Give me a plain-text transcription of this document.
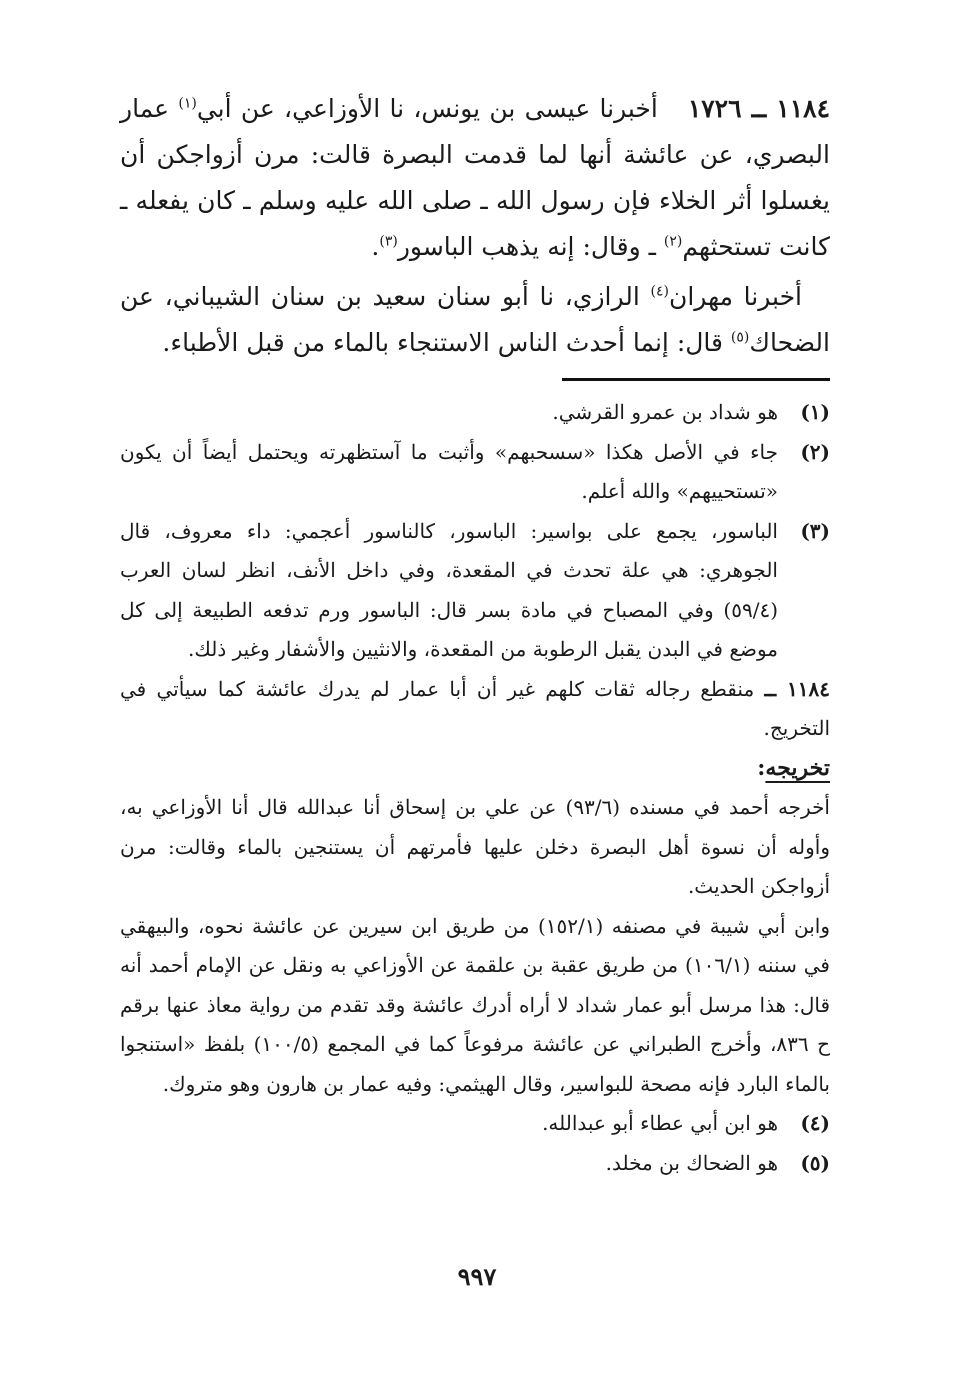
١١٨٤ ــ ١٧٢٦أخبرنا عيسى بن يونس، نا الأوزاعي، عن أبي$^{(١)}$ عمار البصري، عن عائشة أنها لما قدمت البصرة قالت: مرن أزواجكن أن يغسلوا أثر الخلاء فإن رسول الله ـ صلى الله عليه وسلم ـ كان يفعله ـ كانت تستحثهم$^{(٢)}$ ـ وقال: إنه يذهب الباسور$^{(٣)}$.

أخبرنا مهران$^{(٤)}$ الرازي، نا أبو سنان سعيد بن سنان الشيباني، عن الضحاك$^{(٥)}$ قال: إنما أحدث الناس الاستنجاء بالماء من قبل الأطباء.

(١)
هو شداد بن عمرو القرشي.
(٢)
جاء في الأصل هكذا «سسحبهم» وأثبت ما آستظهرته ويحتمل أيضاً أن يكون «تستحييهم» والله أعلم.
(٣)
الباسور، يجمع على بواسير: الباسور، كالناسور أعجمي: داء معروف، قال الجوهري: هي علة تحدث في المقعدة، وفي داخل الأنف، انظر لسان العرب (٥٩/٤) وفي المصباح في مادة بسر قال: الباسور ورم تدفعه الطبيعة إلى كل موضع في البدن يقبل الرطوبة من المقعدة، والانثيين والأشفار وغير ذلك.
١١٨٤ ــ منقطع رجاله ثقات كلهم غير أن أبا عمار لم يدرك عائشة كما سيأتي في التخريج.
تخريجه:

أخرجه أحمد في مسنده (٩٣/٦) عن علي بن إسحاق أنا عبدالله قال أنا الأوزاعي به، وأوله أن نسوة أهل البصرة دخلن عليها فأمرتهم أن يستنجين بالماء وقالت: مرن أزواجكن الحديث.

وابن أبي شيبة في مصنفه (١٥٢/١) من طريق ابن سيرين عن عائشة نحوه، والبيهقي في سننه (١٠٦/١) من طريق عقبة بن علقمة عن الأوزاعي به ونقل عن الإمام أحمد أنه قال: هذا مرسل أبو عمار شداد لا أراه أدرك عائشة وقد تقدم من رواية معاذ عنها برقم ح ٨٣٦، وأخرج الطبراني عن عائشة مرفوعاً كما في المجمع (١٠٠/٥) بلفظ «استنجوا بالماء البارد فإنه مصحة للبواسير، وقال الهيثمي: وفيه عمار بن هارون وهو متروك.

(٤)
هو ابن أبي عطاء أبو عبدالله.
(٥)
هو الضحاك بن مخلد.
٩٩٧
